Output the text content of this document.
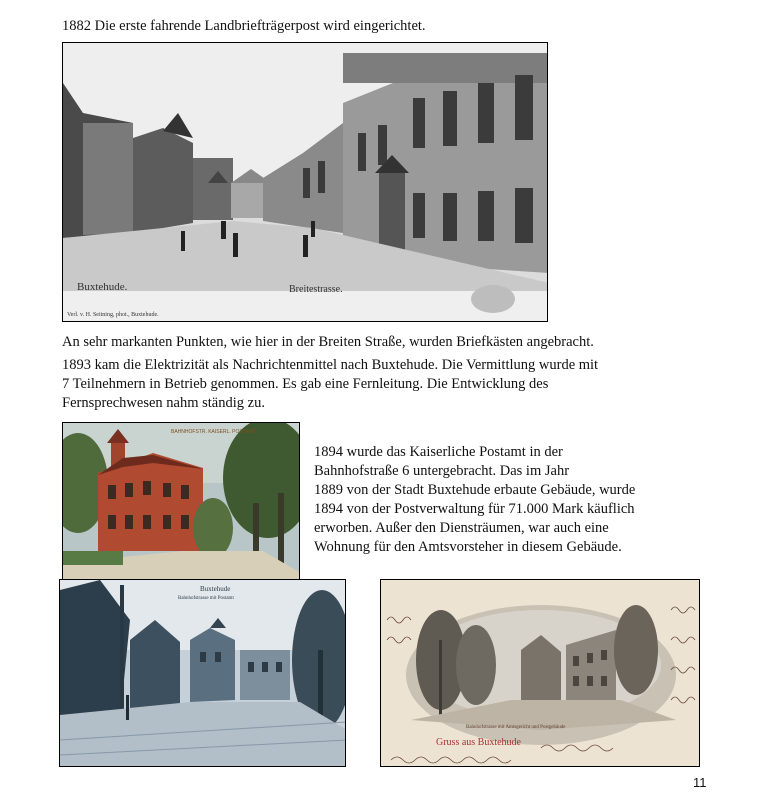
1882 Die erste fahrende Landbriefträgerpost wird eingerichtet.
Buxtehude.	Breitestrasse.
Verl. v. H. Seitning, phot., Buxtehude.
An sehr markanten Punkten, wie hier in der Breiten Straße, wurden Briefkästen angebracht.
1893 kam die Elektrizität als Nachrichtenmittel nach Buxtehude. Die Vermittlung wurde mit
7 Teilnehmern in Betrieb genommen. Es gab eine Fernleitung. Die Entwicklung des
Fernsprechwesen nahm ständig zu.
BAHNHOFSTR. KAISERL. POSTAMT
1894 wurde das Kaiserliche Postamt in der
Bahnhofstraße 6 untergebracht. Das im Jahr
1889 von der Stadt Buxtehude erbaute Gebäude, wurde
1894 von der Postverwaltung für 71.000 Mark käuflich
erworben. Außer den Diensträumen, war auch eine
Wohnung für den Amtsvorsteher in diesem Gebäude.
Buxtehude
Bahnhofstrasse mit Postamt
Bahnhofstrasse mit Amtsgericht und Postgebäude
Gruss aus Buxtehude
11
